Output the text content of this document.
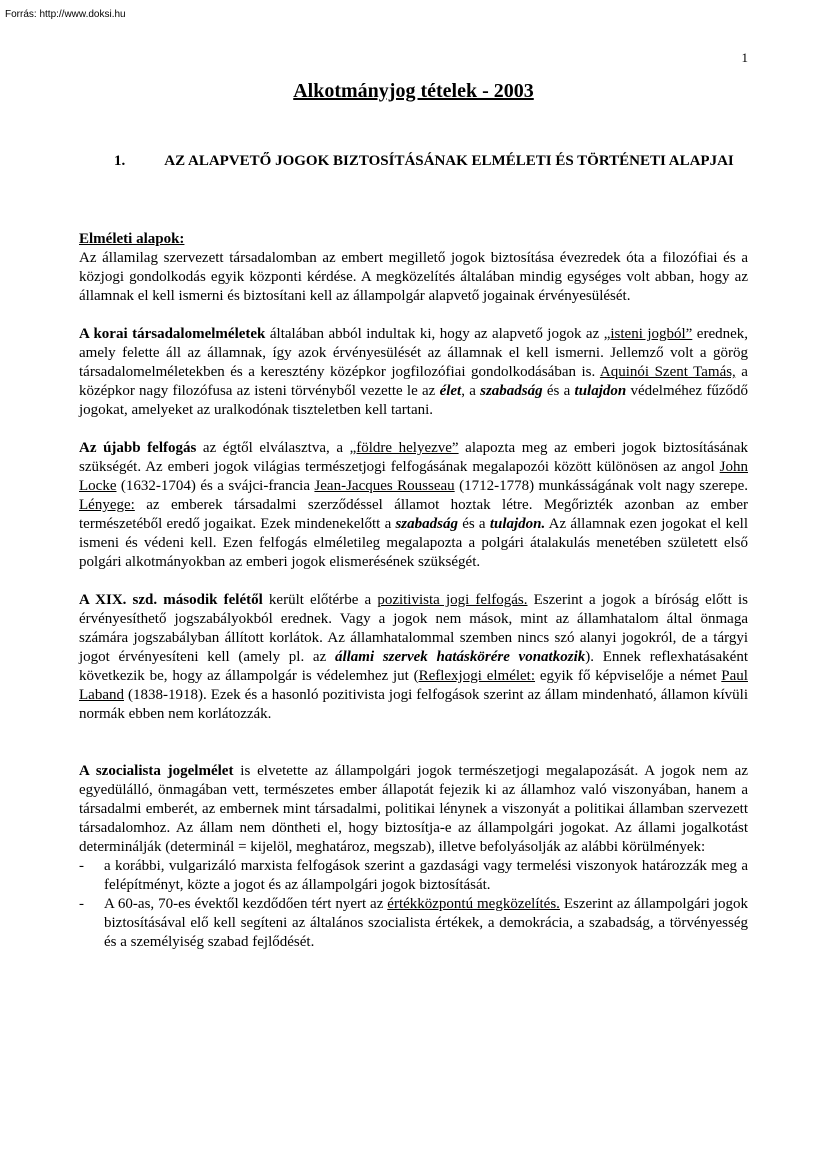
Forrás: http://www.doksi.hu
1
Alkotmányjog tételek - 2003
1.	AZ ALAPVETŐ JOGOK BIZTOSÍTÁSÁNAK ELMÉLETI ÉS TÖRTÉNETI ALAPJAI

Elméleti alapok:
Az államilag szervezett társadalomban az embert megillető jogok biztosítása évezredek óta a filozófiai és a közjogi gondolkodás egyik központi kérdése. A megközelítés általában mindig egységes volt abban, hogy az államnak el kell ismerni és biztosítani kell az állampolgár alapvető jogainak érvényesülését.

A korai társadalomelméletek általában abból indultak ki, hogy az alapvető jogok az „isteni jogból” erednek, amely felette áll az államnak, így azok érvényesülését az államnak el kell ismerni. Jellemző volt a görög társadalomelméletekben és a keresztény középkor jogfilozófiai gondolkodásában is. Aquinói Szent Tamás, a középkor nagy filozófusa az isteni törvényből vezette le az élet, a szabadság és a tulajdon védelméhez fűződő jogokat, amelyeket az uralkodónak tiszteletben kell tartani.

Az újabb felfogás az égtől elválasztva, a „földre helyezve” alapozta meg az emberi jogok biztosításának szükségét. Az emberi jogok világias természetjogi felfogásának megalapozói között különösen az angol John Locke (1632-1704) és a svájci-francia Jean-Jacques Rousseau (1712-1778) munkásságának volt nagy szerepe. Lényege: az emberek társadalmi szerződéssel államot hoztak létre. Megőrizték azonban az ember természetéből eredő jogaikat. Ezek mindenekelőtt a szabadság és a tulajdon. Az államnak ezen jogokat el kell ismeni és védeni kell. Ezen felfogás elméletileg megalapozta a polgári átalakulás menetében született első polgári alkotmányokban az emberi jogok elismerésének szükségét.

A XIX. szd. második felétől került előtérbe a pozitivista jogi felfogás. Eszerint a jogok a bíróság előtt is érvényesíthető jogszabályokból erednek. Vagy a jogok nem mások, mint az államhatalom által önmaga számára jogszabályban állított korlátok. Az államhatalommal szemben nincs szó alanyi jogokról, de a tárgyi jogot érvényesíteni kell (amely pl. az állami szervek hatáskörére vonatkozik). Ennek reflexhatásaként következik be, hogy az állampolgár is védelemhez jut (Reflexjogi elmélet: egyik fő képviselője a német Paul Laband (1838-1918). Ezek és a hasonló pozitivista jogi felfogások szerint az állam mindenható, államon kívüli normák ebben nem korlátozzák.

A szocialista jogelmélet is elvetette az állampolgári jogok természetjogi megalapozását. A jogok nem az egyedülálló, önmagában vett, természetes ember állapotát fejezik ki az államhoz való viszonyában, hanem a társadalmi emberét, az embernek mint társadalmi, politikai lénynek a viszonyát a politikai államban szervezett társadalomhoz. Az állam nem döntheti el, hogy biztosítja-e az állampolgári jogokat. Az állami jogalkotást determinálják (determinál = kijelöl, meghatároz, megszab), illetve befolyásolják az alábbi körülmények:

-	a korábbi, vulgarizáló marxista felfogások szerint a gazdasági vagy termelési viszonyok határozzák meg a felépítményt, közte a jogot és az állampolgári jogok biztosítását.
-	A 60-as, 70-es évektől kezdődően tért nyert az értékközpontú megközelítés. Eszerint az állampolgári jogok biztosításával elő kell segíteni az általános szocialista értékek, a demokrácia, a szabadság, a törvényesség és a személyiség szabad fejlődését.
